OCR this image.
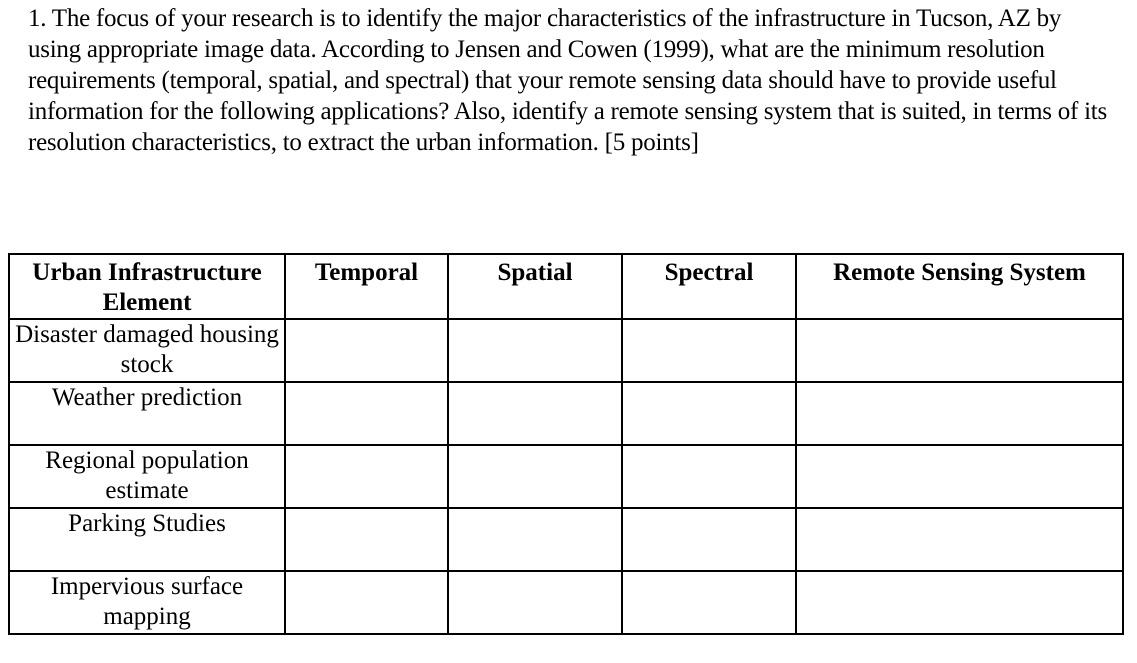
1. The focus of your research is to identify the major characteristics of the infrastructure in Tucson, AZ by using appropriate image data. According to Jensen and Cowen (1999), what are the minimum resolution requirements (temporal, spatial, and spectral) that your remote sensing data should have to provide useful information for the following applications? Also, identify a remote sensing system that is suited, in terms of its resolution characteristics, to extract the urban information. [5 points]

Urban Infrastructure Element	Temporal	Spatial	Spectral	Remote Sensing System
Disaster damaged housing stock				
Weather prediction				
Regional population estimate				
Parking Studies				
Impervious surface mapping				
